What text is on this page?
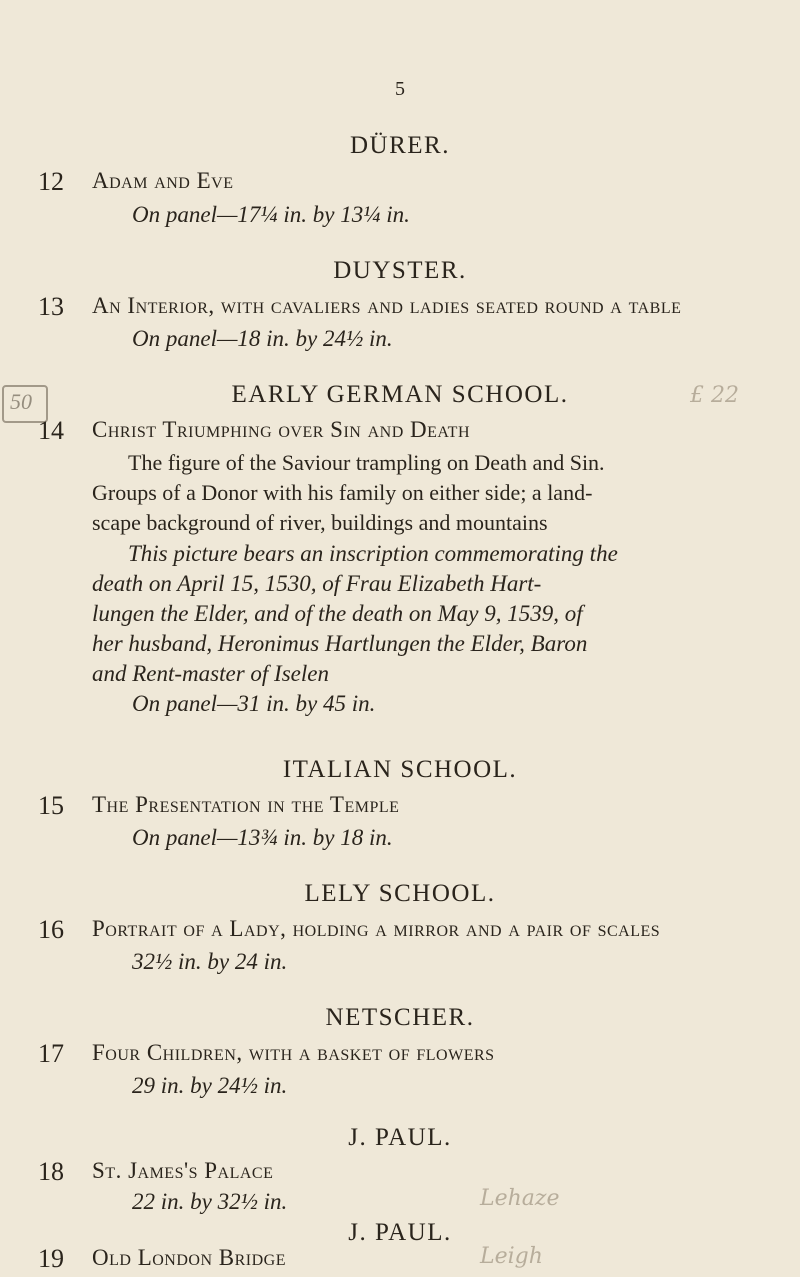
5
50
DÜRER.
12 Adam and Eve
On panel—17¼ in. by 13¼ in.
DUYSTER.
13 An Interior, with cavaliers and ladies seated round a table
On panel—18 in. by 24½ in.
EARLY GERMAN SCHOOL.
14 Christ Triumphing over Sin and Death
The figure of the Saviour trampling on Death and Sin.
Groups of a Donor with his family on either side; a land-
scape background of river, buildings and mountains
This picture bears an inscription commemorating the
death on April 15, 1530, of Frau Elizabeth Hart-
lungen the Elder, and of the death on May 9, 1539, of
her husband, Heronimus Hartlungen the Elder, Baron
and Rent-master of Iselen
On panel—31 in. by 45 in.
£ 22
ITALIAN SCHOOL.
15 The Presentation in the Temple
On panel—13¾ in. by 18 in.
LELY SCHOOL.
16 Portrait of a Lady, holding a mirror and a pair of scales
32½ in. by 24 in.
NETSCHER.
17 Four Children, with a basket of flowers
29 in. by 24½ in.
J. PAUL.
18 St. James's Palace
22 in. by 32½ in.	Lehaze
J. PAUL.
19 Old London Bridge	Leigh
